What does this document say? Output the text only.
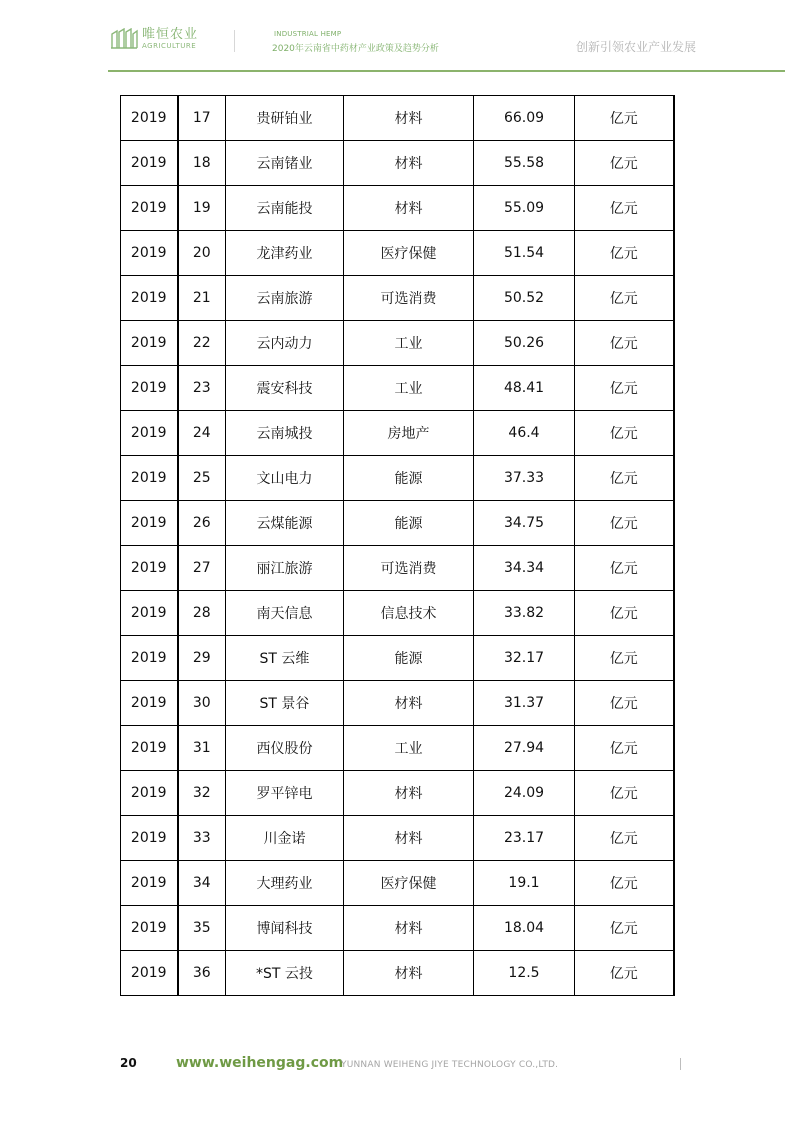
唯恒农业
AGRICULTURE
INDUSTRIAL HEMP
2020年云南省中药材产业政策及趋势分析	创新引领农业产业发展
2019	17	贵研铂业	材料	66.09	亿元
2019	18	云南锗业	材料	55.58	亿元
2019	19	云南能投	材料	55.09	亿元
2019	20	龙津药业	医疗保健	51.54	亿元
2019	21	云南旅游	可选消费	50.52	亿元
2019	22	云内动力	工业	50.26	亿元
2019	23	震安科技	工业	48.41	亿元
2019	24	云南城投	房地产	46.4	亿元
2019	25	文山电力	能源	37.33	亿元
2019	26	云煤能源	能源	34.75	亿元
2019	27	丽江旅游	可选消费	34.34	亿元
2019	28	南天信息	信息技术	33.82	亿元
2019	29	ST 云维	能源	32.17	亿元
2019	30	ST 景谷	材料	31.37	亿元
2019	31	西仪股份	工业	27.94	亿元
2019	32	罗平锌电	材料	24.09	亿元
2019	33	川金诺	材料	23.17	亿元
2019	34	大理药业	医疗保健	19.1	亿元
2019	35	博闻科技	材料	18.04	亿元
2019	36	*ST 云投	材料	12.5	亿元
20	www.weihengag.com
YUNNAN WEIHENG JIYE TECHNOLOGY CO.,LTD.
